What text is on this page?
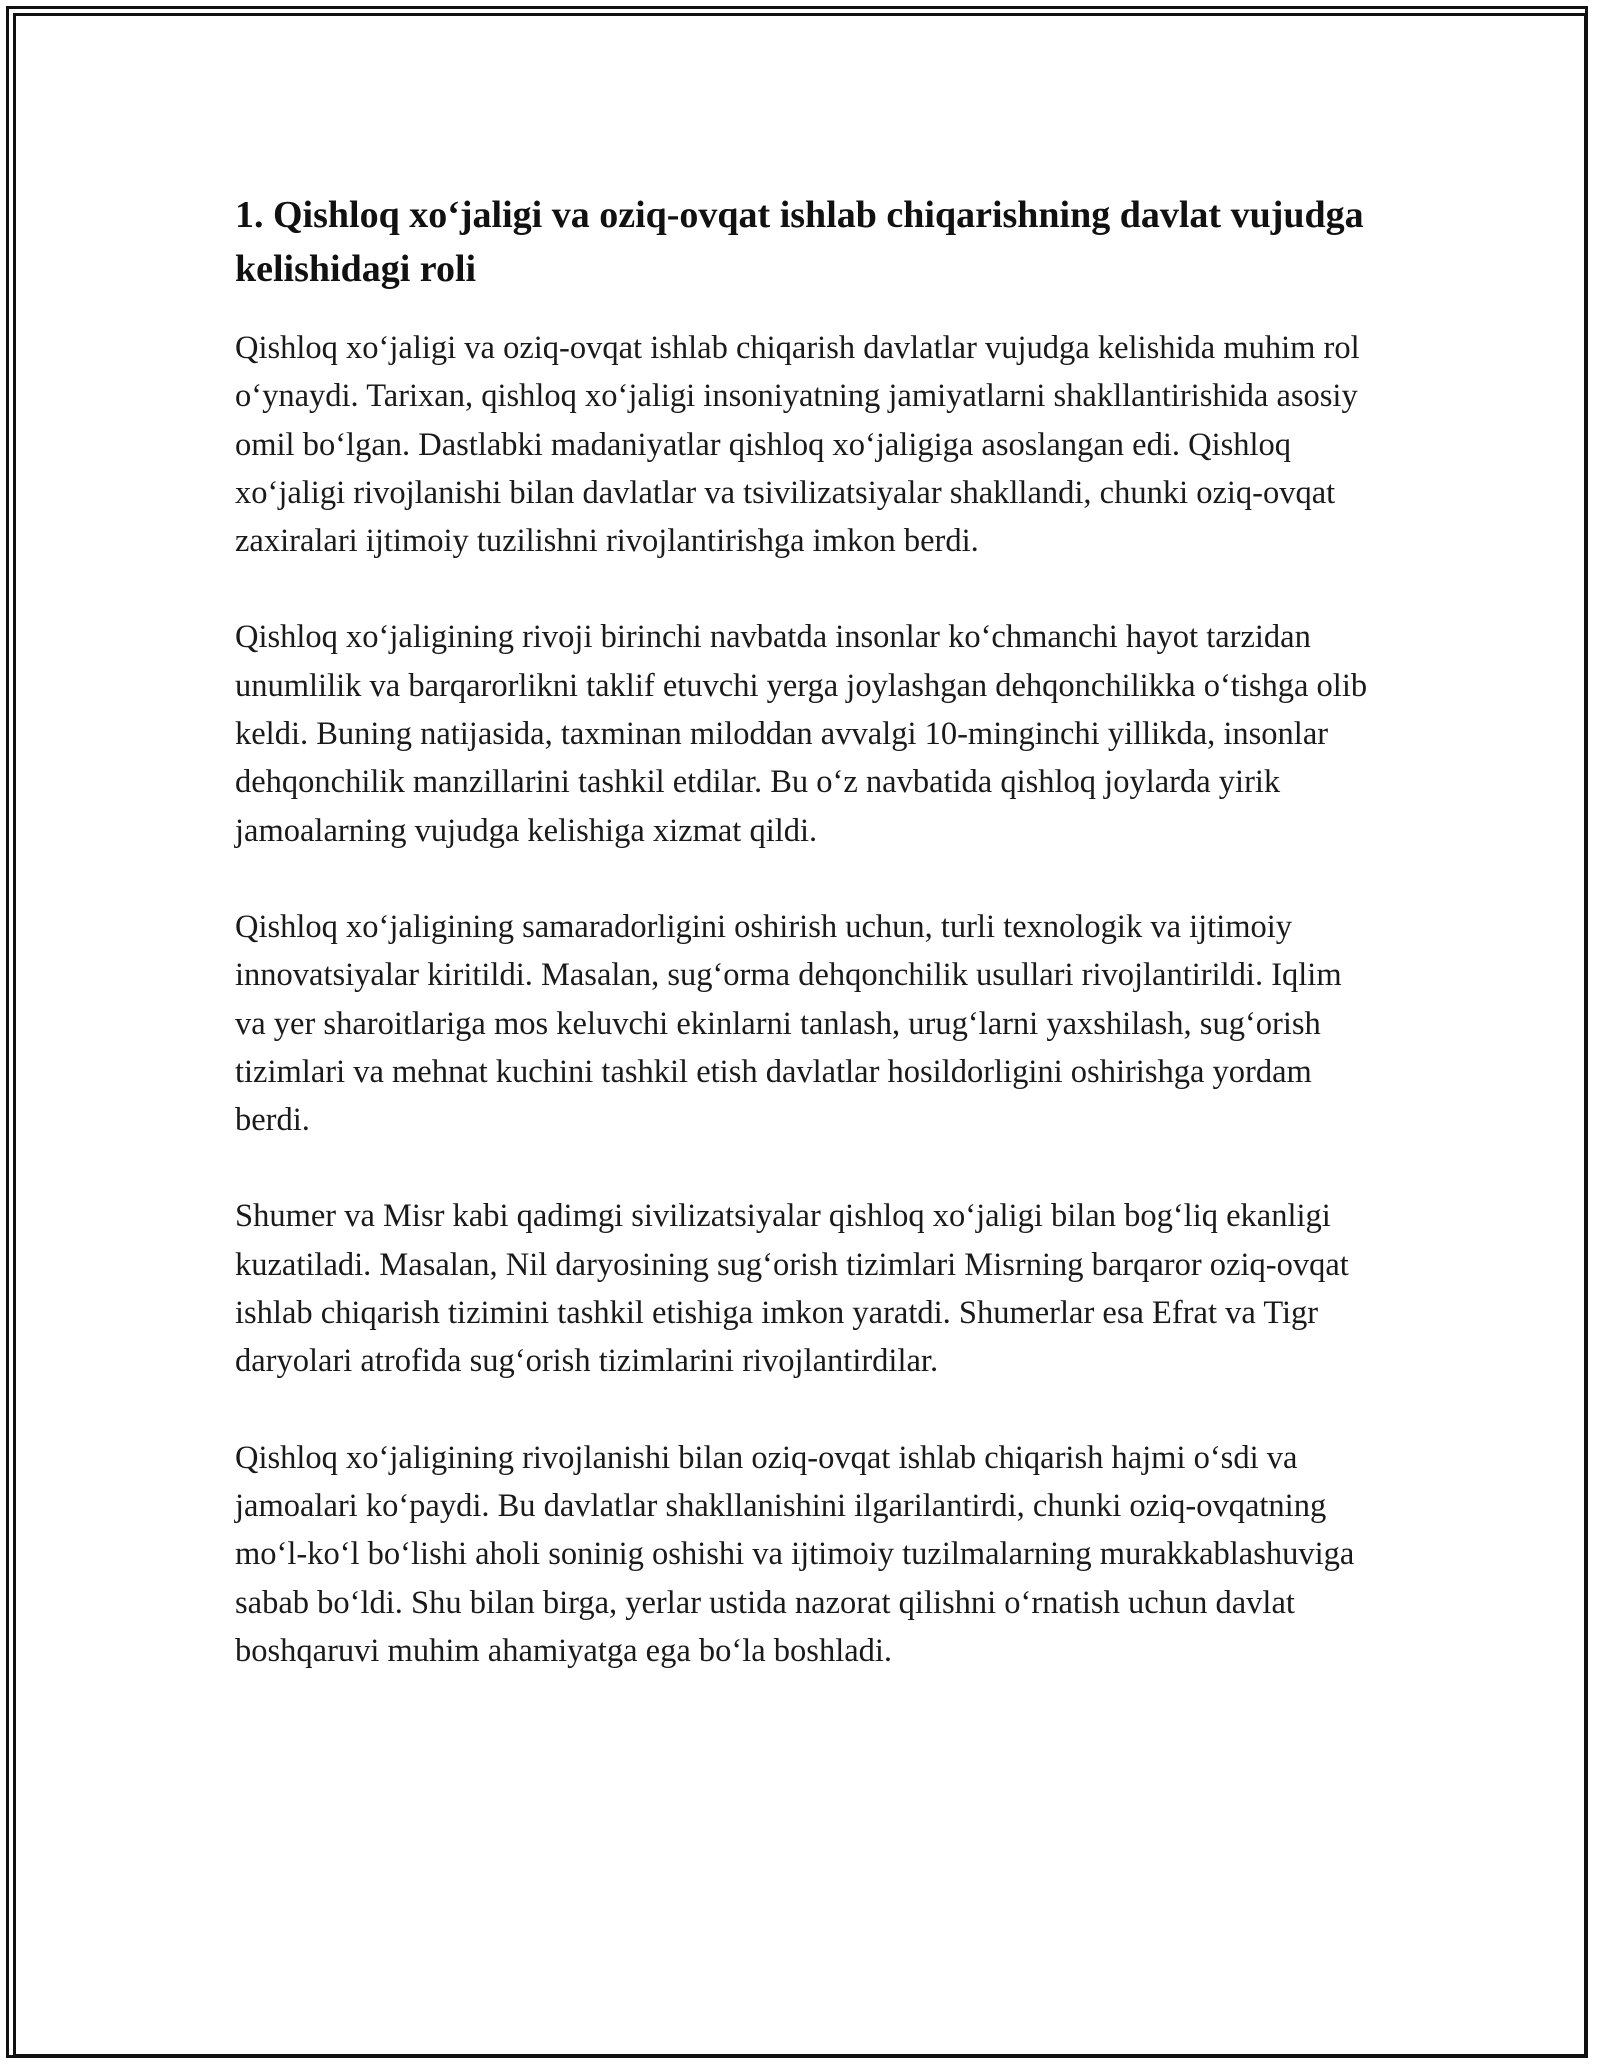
1. Qishloq xo‘jaligi va oziq-ovqat ishlab chiqarishning davlat vujudga kelishidagi roli

Qishloq xo‘jaligi va oziq-ovqat ishlab chiqarish davlatlar vujudga kelishida muhim rol o‘ynaydi. Tarixan, qishloq xo‘jaligi insoniyatning jamiyatlarni shakllantirishida asosiy omil bo‘lgan. Dastlabki madaniyatlar qishloq xo‘jaligiga asoslangan edi. Qishloq xo‘jaligi rivojlanishi bilan davlatlar va tsivilizatsiyalar shakllandi, chunki oziq-ovqat zaxiralari ijtimoiy tuzilishni rivojlantirishga imkon berdi.

Qishloq xo‘jaligining rivoji birinchi navbatda insonlar ko‘chmanchi hayot tarzidan unumlilik va barqarorlikni taklif etuvchi yerga joylashgan dehqonchilikka o‘tishga olib keldi. Buning natijasida, taxminan miloddan avvalgi 10-minginchi yillikda, insonlar dehqonchilik manzillarini tashkil etdilar. Bu o‘z navbatida qishloq joylarda yirik jamoalarning vujudga kelishiga xizmat qildi.

Qishloq xo‘jaligining samaradorligini oshirish uchun, turli texnologik va ijtimoiy innovatsiyalar kiritildi. Masalan, sug‘orma dehqonchilik usullari rivojlantirildi. Iqlim va yer sharoitlariga mos keluvchi ekinlarni tanlash, urug‘larni yaxshilash, sug‘orish tizimlari va mehnat kuchini tashkil etish davlatlar hosildorligini oshirishga yordam berdi.

Shumer va Misr kabi qadimgi sivilizatsiyalar qishloq xo‘jaligi bilan bog‘liq ekanligi kuzatiladi. Masalan, Nil daryosining sug‘orish tizimlari Misrning barqaror oziq-ovqat ishlab chiqarish tizimini tashkil etishiga imkon yaratdi. Shumerlar esa Efrat va Tigr daryolari atrofida sug‘orish tizimlarini rivojlantirdilar.

Qishloq xo‘jaligining rivojlanishi bilan oziq-ovqat ishlab chiqarish hajmi o‘sdi va jamoalari ko‘paydi. Bu davlatlar shakllanishini ilgarilantirdi, chunki oziq-ovqatning mo‘l-ko‘l bo‘lishi aholi soninig oshishi va ijtimoiy tuzilmalarning murakkablashuviga sabab bo‘ldi. Shu bilan birga, yerlar ustida nazorat qilishni o‘rnatish uchun davlat boshqaruvi muhim ahamiyatga ega bo‘la boshladi.
